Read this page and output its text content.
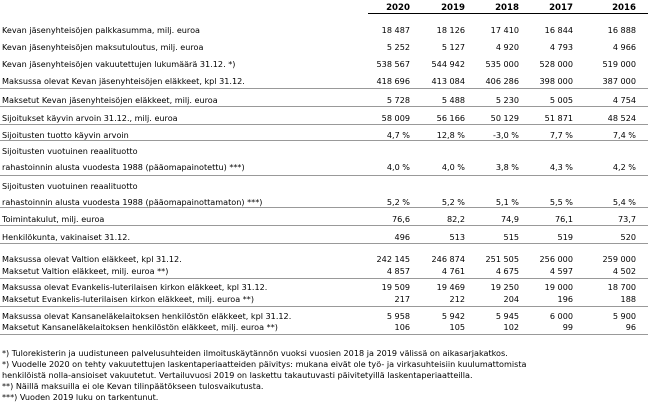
2020	2019	2018	2017	2016
Kevan jäsenyhteisöjen palkkasumma, milj. euroa	18 487	18 126	17 410	16 844	16 888
Kevan jäsenyhteisöjen maksutuloutus, milj. euroa	5 252	5 127	4 920	4 793	4 966
Kevan jäsenyhteisöjen vakuutettujen lukumäärä 31.12. *)	538 567	544 942	535 000	528 000	519 000
Maksussa olevat Kevan jäsenyhteisöjen eläkkeet, kpl 31.12.	418 696	413 084	406 286	398 000	387 000
Maksetut Kevan jäsenyhteisöjen eläkkeet, milj. euroa	5 728	5 488	5 230	5 005	4 754
Sijoitukset käyvin arvoin 31.12., milj. euroa	58 009	56 166	50 129	51 871	48 524
Sijoitusten tuotto käyvin arvoin	4,7 %	12,8 %	-3,0 %	7,7 %	7,4 %
Sijoitusten vuotuinen reaalituotto
rahastoinnin alusta vuodesta 1988 (pääomapainotettu) ***)	4,0 %	4,0 %	3,8 %	4,3 %	4,2 %
Sijoitusten vuotuinen reaalituotto
rahastoinnin alusta vuodesta 1988 (pääomapainottamaton) ***)	5,2 %	5,2 %	5,1 %	5,5 %	5,4 %
Toimintakulut, milj. euroa	76,6	82,2	74,9	76,1	73,7
Henkilökunta, vakinaiset 31.12.	496	513	515	519	520
Maksussa olevat Valtion eläkkeet, kpl 31.12.	242 145	246 874	251 505	256 000	259 000
Maksetut Valtion eläkkeet, milj. euroa **)	4 857	4 761	4 675	4 597	4 502
Maksussa olevat Evankelis-luterilaisen kirkon eläkkeet, kpl 31.12.	19 509	19 469	19 250	19 000	18 700
Maksetut Evankelis-luterilaisen kirkon eläkkeet, milj. euroa **)	217	212	204	196	188
Maksussa olevat Kansaneläkelaitoksen henkilöstön eläkkeet, kpl 31.12.	5 958	5 942	5 945	6 000	5 900
Maksetut Kansaneläkelaitoksen henkilöstön eläkkeet, milj. euroa **)	106	105	102	99	96
*) Tulorekisterin ja uudistuneen palvelusuhteiden ilmoituskäytännön vuoksi vuosien 2018 ja 2019 välissä on aikasarjakatkos.
*) Vuodelle 2020 on tehty vakuutettujen laskentaperiaatteiden päivitys: mukana eivät ole työ- ja virkasuhteisiin kuulumattomista
henkilöistä nolla-ansioiset vakuutetut. Vertailuvuosi 2019 on laskettu takautuvasti päivitetyillä laskentaperiaatteilla.
**) Näillä maksuilla ei ole Kevan tilinpäätökseen tulosvaikutusta.
***) Vuoden 2019 luku on tarkentunut.
